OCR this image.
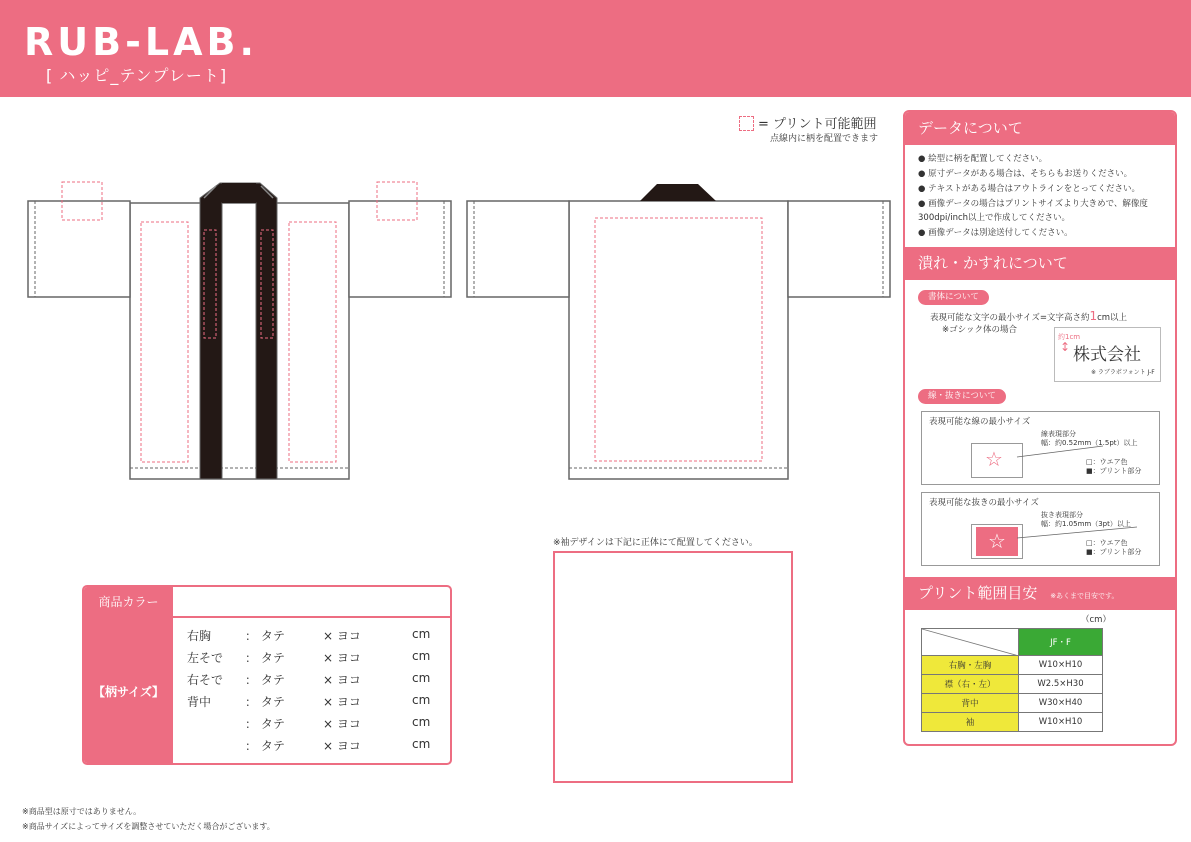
RUB-LAB.
[ ハッピ_テンプレート]
= プリント可能範囲
点線内に柄を配置できます
商品カラー
【柄サイズ】
右胸	： タテ	× ヨコ	cm
左そで ： タテ	× ヨコ	cm
右そで ： タテ	× ヨコ	cm
背中	： タテ	× ヨコ	cm
： タテ	× ヨコ	cm
： タテ	× ヨコ	cm
※袖デザインは下記に正体にて配置してください。
※商品型は原寸ではありません。
※商品サイズによってサイズを調整させていただく場合がございます。
データについて
● 絵型に柄を配置してください。
● 原寸データがある場合は、そちらもお送りください。
● テキストがある場合はアウトラインをとってください。
● 画像データの場合はプリントサイズより大きめで、解像度
300dpi/inch以上で作成してください。
● 画像データは別途送付してください。
潰れ・かすれについて
書体について
表現可能な文字の最小サイズ=文字高さ約1cm以上
※ゴシック体の場合
約1cm
↕ 株式会社
※ ラブラボフォント J-F
線・抜きについて
表現可能な線の最小サイズ
☆
線表現部分
幅：約0.52mm（1.5pt）以上
□：ウエア色
■：プリント部分
表現可能な抜きの最小サイズ
☆
抜き表現部分
幅：約1.05mm（3pt）以上
□：ウエア色
■：プリント部分
プリント範囲目安 ※あくまで目安です。
（cm）
	JF・F
右胸・左胸	W10×H10
襟（右・左）	W2.5×H30
背中	W30×H40
袖	W10×H10
